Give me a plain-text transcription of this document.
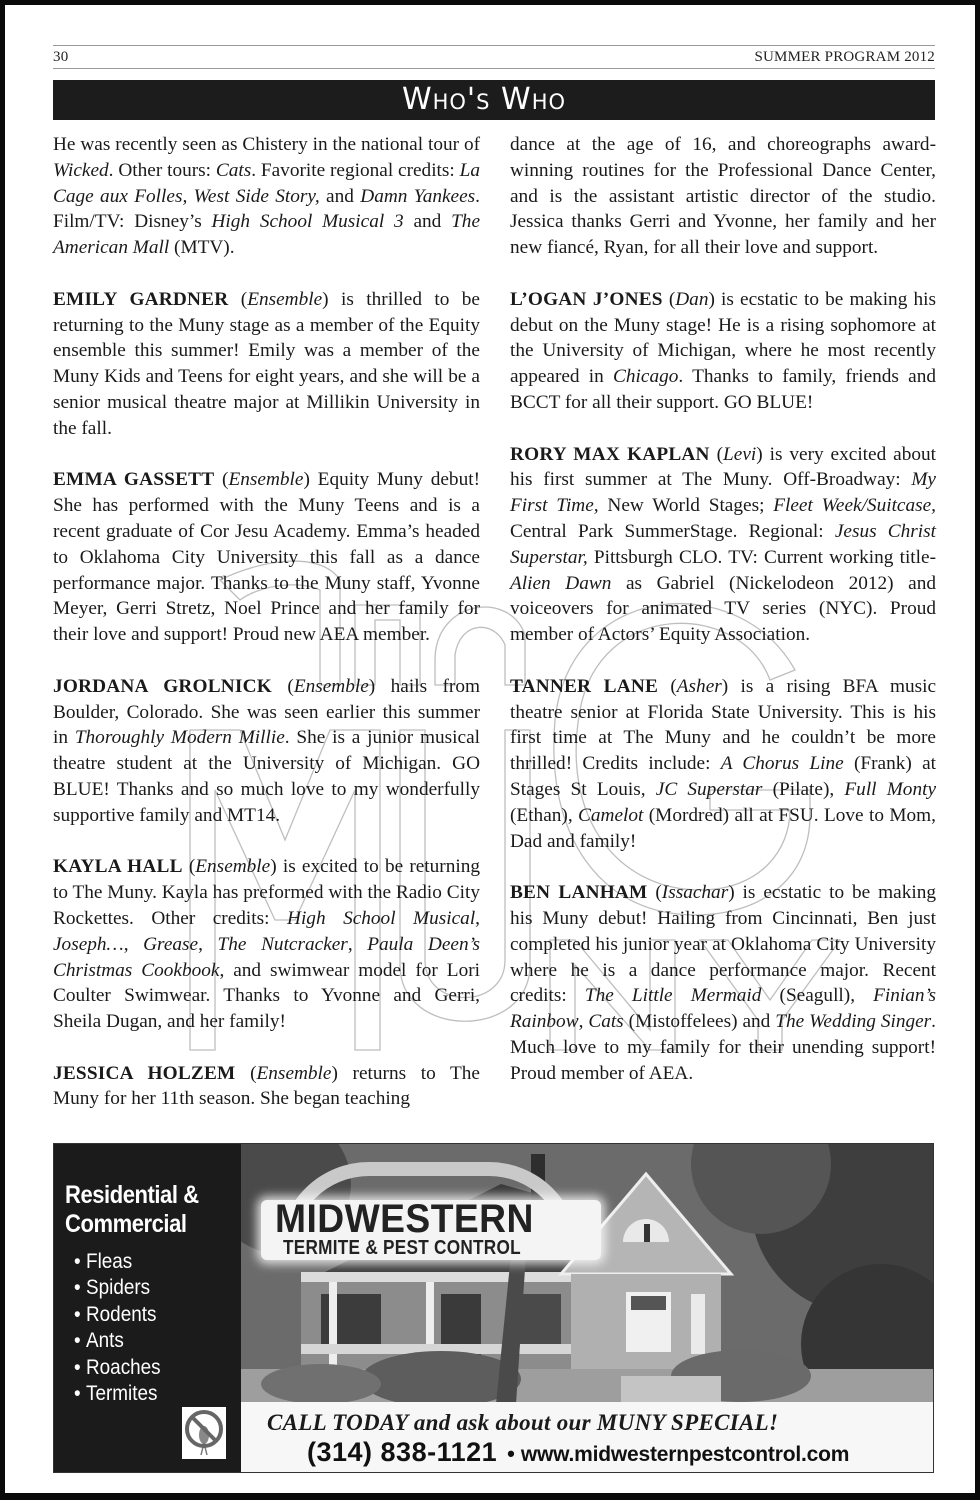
30	SUMMER PROGRAM 2012
Who's Who

He was recently seen as Chistery in the national tour of Wicked. Other tours: Cats. Favorite regional credits: La Cage aux Folles, West Side Story, and Damn Yankees. Film/TV: Disney’s High School Musical 3 and The American Mall (MTV).

EMILY GARDNER (Ensemble) is thrilled to be returning to the Muny stage as a member of the Equity ensemble this summer! Emily was a member of the Muny Kids and Teens for eight years, and she will be a senior musical theatre major at Millikin University in the fall.

EMMA GASSETT (Ensemble) Equity Muny debut! She has performed with the Muny Teens and is a recent graduate of Cor Jesu Academy. Emma’s headed to Oklahoma City University this fall as a dance performance major. Thanks to the Muny staff, Yvonne Meyer, Gerri Stretz, Noel Prince and her family for their love and support! Proud new AEA member.

JORDANA GROLNICK (Ensemble) hails from Boulder, Colorado. She was seen earlier this summer in Thoroughly Modern Millie. She is a junior musical theatre student at the University of Michigan. GO BLUE! Thanks and so much love to my wonderfully supportive family and MT14.

KAYLA HALL (Ensemble) is excited to be returning to The Muny. Kayla has preformed with the Radio City Rockettes. Other credits: High School Musical, Joseph…, Grease, The Nutcracker, Paula Deen’s Christmas Cookbook, and swimwear model for Lori Coulter Swimwear. Thanks to Yvonne and Gerri, Sheila Dugan, and her family!

JESSICA HOLZEM (Ensemble) returns to The Muny for her 11th season. She began teaching

dance at the age of 16, and choreographs award-winning routines for the Professional Dance Center, and is the assistant artistic director of the studio. Jessica thanks Gerri and Yvonne, her family and her new fiancé, Ryan, for all their love and support.

L’OGAN J’ONES (Dan) is ecstatic to be making his debut on the Muny stage! He is a rising sophomore at the University of Michigan, where he most recently appeared in Chicago. Thanks to family, friends and BCCT for all their support. GO BLUE!

RORY MAX KAPLAN (Levi) is very excited about his first summer at The Muny. Off-Broadway: My First Time, New World Stages; Fleet Week/Suitcase, Central Park SummerStage. Regional: Jesus Christ Superstar, Pittsburgh CLO. TV: Current working title-Alien Dawn as Gabriel (Nickelodeon 2012) and voiceovers for animated TV series (NYC). Proud member of Actors’ Equity Association.

TANNER LANE (Asher) is a rising BFA music theatre senior at Florida State University. This is his first time at The Muny and he couldn’t be more thrilled! Credits include: A Chorus Line (Frank) at Stages St Louis, JC Superstar (Pilate), Full Monty (Ethan), Camelot (Mordred) all at FSU. Love to Mom, Dad and family!

BEN LANHAM (Issachar) is ecstatic to be making his Muny debut! Hailing from Cincinnati, Ben just completed his junior year at Oklahoma City University where he is a dance performance major. Recent credits: The Little Mermaid (Seagull), Finian’s Rainbow, Cats (Mistoffelees) and The Wedding Singer. Much love to my family for their unending support! Proud member of AEA.

Residential &
Commercial
• Fleas
• Spiders
• Rodents
• Ants
• Roaches
• Termites
MIDWESTERN
TERMITE & PEST CONTROL
CALL TODAY and ask about our MUNY SPECIAL!
(314) 838-1121 • www.midwesternpestcontrol.com
